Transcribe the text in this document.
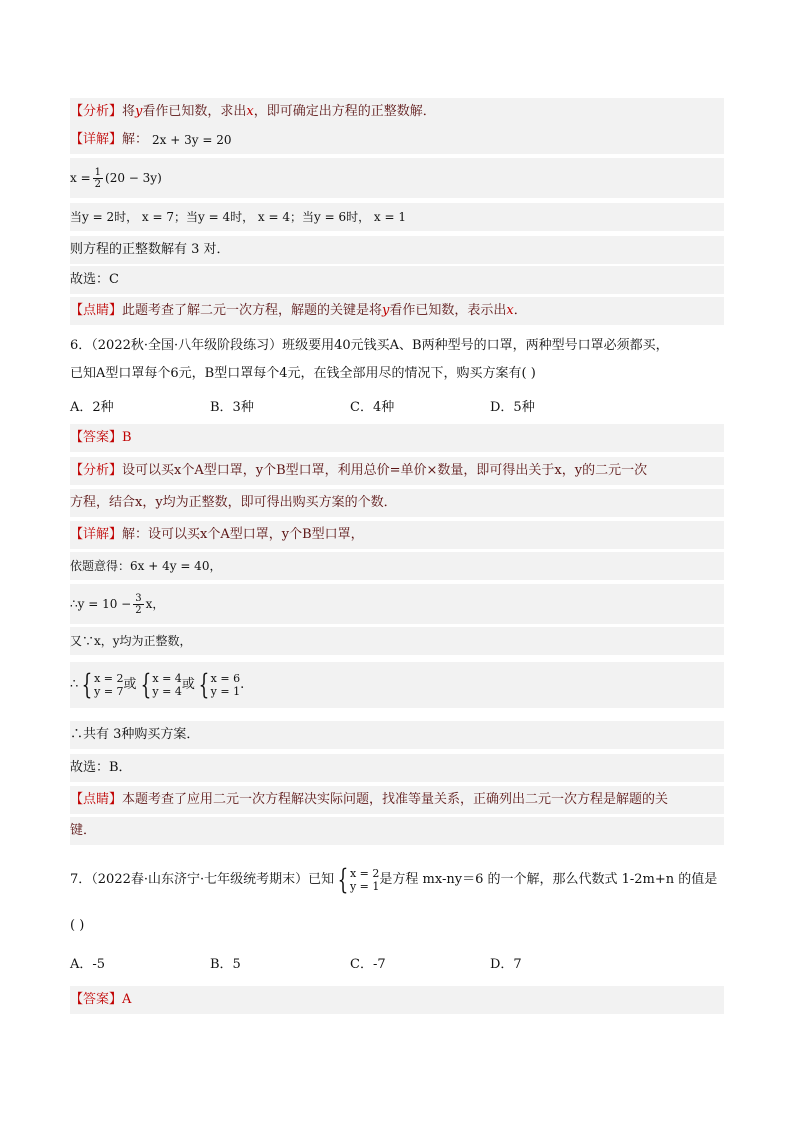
【分析】 将 y 看作已知数，求出 x ，即可确定出方程的正整数解．
【详解】 解： 2x + 3y = 20
$x = \frac{1}{2} (20 - 3y)$
当y = 2时， x = 7；当y = 4时， x = 4；当y = 6时， x = 1
则方程的正整数解有 3 对．
故选：C
【点睛】 此题考查了解二元一次方程，解题的关键是将 y 看作已知数，表示出 x ．
6．（2022秋·全国·八年级阶段练习）班级要用40元钱买A、B两种型号的口罩，两种型号口罩必须都买，
已知A型口罩每个6元，B型口罩每个4元，在钱全部用尽的情况下，购买方案有( )
A．2种	B．3种	C．4种	D．5种
【答案】 B
【分析】 设可以买x个A型口罩，y个B型口罩，利用总价=单价×数量，即可得出关于x，y的二元一次
方程，结合x，y均为正整数，即可得出购买方案的个数．
【详解】 解：设可以买x个A型口罩，y个B型口罩，
依题意得：6x + 4y = 40，
∴y = $10 - \frac{3}{2}$ x，
又∵x，y均为正整数，
∴ { x = 2
y = 7 或 { x = 4
y = 4 或 { x = 6
y = 1 .
∴共有 3种购买方案．
故选：B．
【点睛】 本题考查了应用二元一次方程解决实际问题，找准等量关系，正确列出二元一次方程是解题的关
键．
7．（2022春·山东济宁·七年级统考期末）已知 { x = 2
y = 1 是方程 mx-ny＝6 的一个解，那么代数式 1-2m+n 的值是
( )
A．-5	B．5	C．-7	D．7
【答案】 A
